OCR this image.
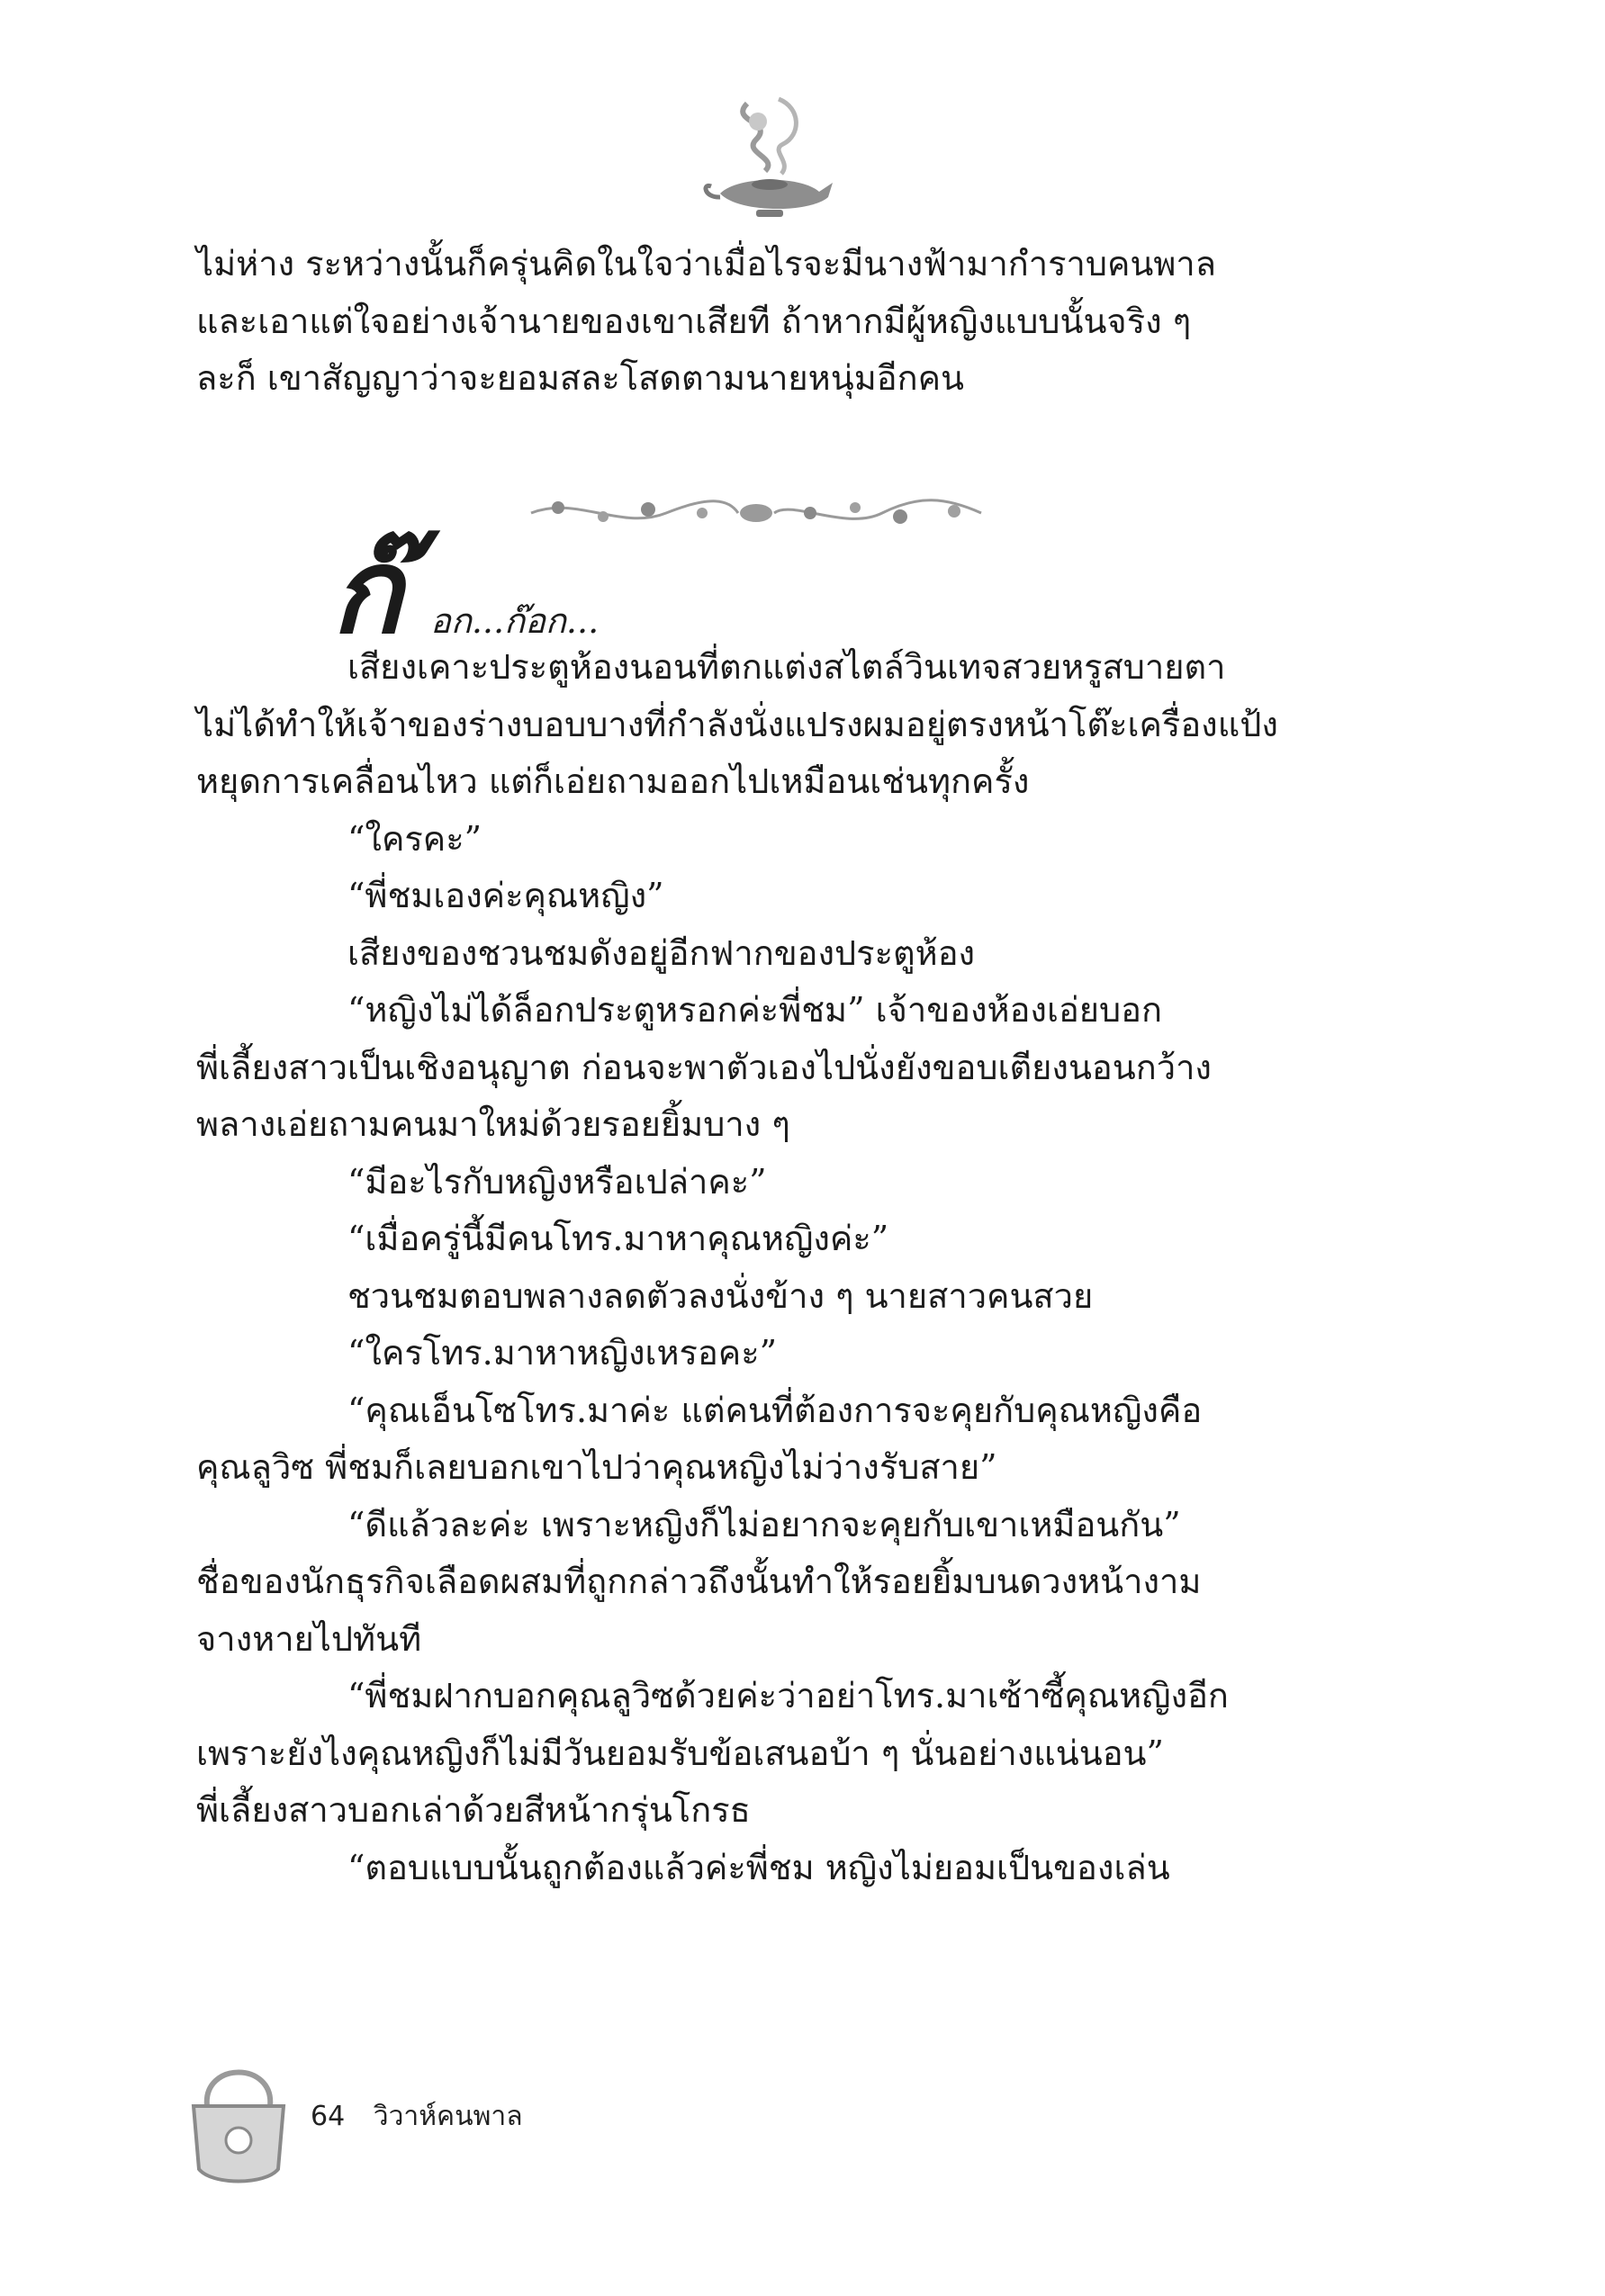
ไม่ห่าง ระหว่างนั้นก็ครุ่นคิดในใจว่าเมื่อไรจะมีนางฟ้ามากำราบคนพาล
และเอาแต่ใจอย่างเจ้านายของเขาเสียที ถ้าหากมีผู้หญิงแบบนั้นจริง ๆ
ละก็ เขาสัญญาว่าจะยอมสละโสดตามนายหนุ่มอีกคน
ก๊ อก...ก๊อก...
เสียงเคาะประตูห้องนอนที่ตกแต่งสไตล์วินเทจสวยหรูสบายตา
ไม่ได้ทำให้เจ้าของร่างบอบบางที่กำลังนั่งแปรงผมอยู่ตรงหน้าโต๊ะเครื่องแป้ง
หยุดการเคลื่อนไหว แต่ก็เอ่ยถามออกไปเหมือนเช่นทุกครั้ง
“ใครคะ”
“พี่ชมเองค่ะคุณหญิง”
เสียงของชวนชมดังอยู่อีกฟากของประตูห้อง
“หญิงไม่ได้ล็อกประตูหรอกค่ะพี่ชม” เจ้าของห้องเอ่ยบอก
พี่เลี้ยงสาวเป็นเชิงอนุญาต ก่อนจะพาตัวเองไปนั่งยังขอบเตียงนอนกว้าง
พลางเอ่ยถามคนมาใหม่ด้วยรอยยิ้มบาง ๆ
“มีอะไรกับหญิงหรือเปล่าคะ”
“เมื่อครู่นี้มีคนโทร.มาหาคุณหญิงค่ะ”
ชวนชมตอบพลางลดตัวลงนั่งข้าง ๆ นายสาวคนสวย
“ใครโทร.มาหาหญิงเหรอคะ”
“คุณเอ็นโซโทร.มาค่ะ แต่คนที่ต้องการจะคุยกับคุณหญิงคือ
คุณลูวิซ พี่ชมก็เลยบอกเขาไปว่าคุณหญิงไม่ว่างรับสาย”
“ดีแล้วละค่ะ เพราะหญิงก็ไม่อยากจะคุยกับเขาเหมือนกัน”
ชื่อของนักธุรกิจเลือดผสมที่ถูกกล่าวถึงนั้นทำให้รอยยิ้มบนดวงหน้างาม
จางหายไปทันที
“พี่ชมฝากบอกคุณลูวิซด้วยค่ะว่าอย่าโทร.มาเซ้าซี้คุณหญิงอีก
เพราะยังไงคุณหญิงก็ไม่มีวันยอมรับข้อเสนอบ้า ๆ นั่นอย่างแน่นอน”
พี่เลี้ยงสาวบอกเล่าด้วยสีหน้ากรุ่นโกรธ
“ตอบแบบนั้นถูกต้องแล้วค่ะพี่ชม หญิงไม่ยอมเป็นของเล่น
64 วิวาห์คนพาล
